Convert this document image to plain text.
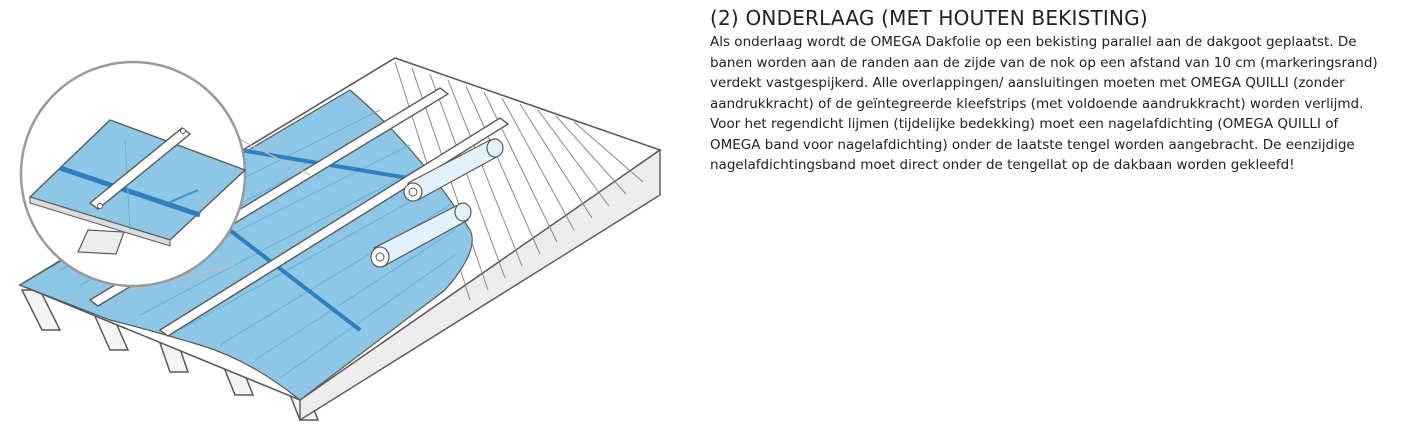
(2) ONDERLAAG (MET HOUTEN BEKISTING)

Als onderlaag wordt de OMEGA Dakfolie op een bekisting parallel aan de dakgoot geplaatst. De banen worden aan de randen aan de zijde van de nok op een afstand van 10 cm (markeringsrand) verdekt vastgespijkerd. Alle overlappingen/ aansluitingen moeten met OMEGA QUILLI (zonder aandrukkracht) of de geïntegreerde kleefstrips (met voldoende aandrukkracht) worden verlijmd. Voor het regendicht lijmen (tijdelijke bedekking) moet een nagelafdichting (OMEGA QUILLI of OMEGA band voor nagelafdichting) onder de laatste tengel worden aangebracht. De eenzijdige nagelafdichtingsband moet direct onder de tengellat op de dakbaan worden gekleefd!
